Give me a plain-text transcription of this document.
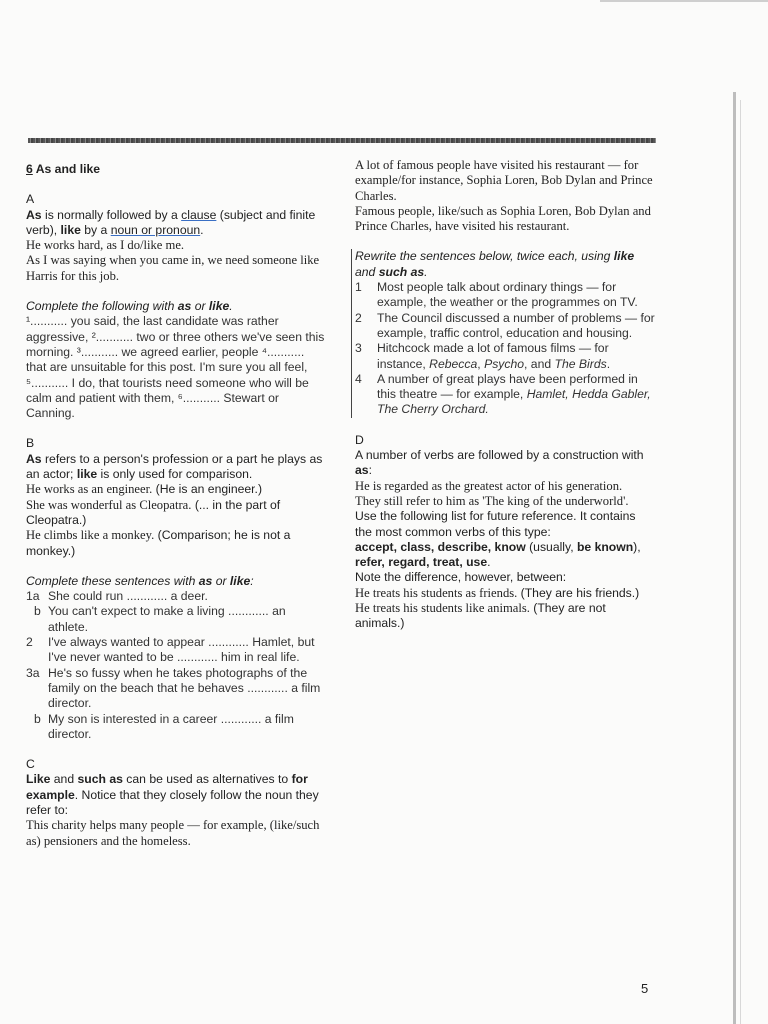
6 As and like

A

As is normally followed by a clause (subject and finite verb), like by a noun or pronoun.

He works hard, as I do/like me.

As I was saying when you came in, we need someone like Harris for this job.

Complete the following with as or like.

¹........... you said, the last candidate was rather aggressive, ²........... two or three others we've seen this morning. ³........... we agreed earlier, people ⁴........... that are unsuitable for this post. I'm sure you all feel, ⁵........... I do, that tourists need someone who will be calm and patient with them, ⁶........... Stewart or Canning.

B

As refers to a person's profession or a part he plays as an actor; like is only used for comparison.

He works as an engineer. (He is an engineer.)

She was wonderful as Cleopatra. (... in the part of Cleopatra.)

He climbs like a monkey. (Comparison; he is not a monkey.)

Complete these sentences with as or like:

1a She could run ............ a deer.
b You can't expect to make a living ............ an athlete.
2 I've always wanted to appear ............ Hamlet, but I've never wanted to be ............ him in real life.
3a He's so fussy when he takes photographs of the family on the beach that he behaves ............ a film director.
b My son is interested in a career ............ a film director.

C

Like and such as can be used as alternatives to for example. Notice that they closely follow the noun they refer to:

This charity helps many people — for example, (like/such as) pensioners and the homeless.

A lot of famous people have visited his restaurant — for example/for instance, Sophia Loren, Bob Dylan and Prince Charles.

Famous people, like/such as Sophia Loren, Bob Dylan and Prince Charles, have visited his restaurant.

Rewrite the sentences below, twice each, using like and such as.

1 Most people talk about ordinary things — for example, the weather or the programmes on TV.
2 The Council discussed a number of problems — for example, traffic control, education and housing.
3 Hitchcock made a lot of famous films — for instance, Rebecca, Psycho, and The Birds.
4 A number of great plays have been performed in this theatre — for example, Hamlet, Hedda Gabler, The Cherry Orchard.

D

A number of verbs are followed by a construction with as:

He is regarded as the greatest actor of his generation.

They still refer to him as 'The king of the underworld'.

Use the following list for future reference. It contains the most common verbs of this type:

accept, class, describe, know (usually, be known), refer, regard, treat, use.

Note the difference, however, between:

He treats his students as friends. (They are his friends.)

He treats his students like animals. (They are not animals.)

5
